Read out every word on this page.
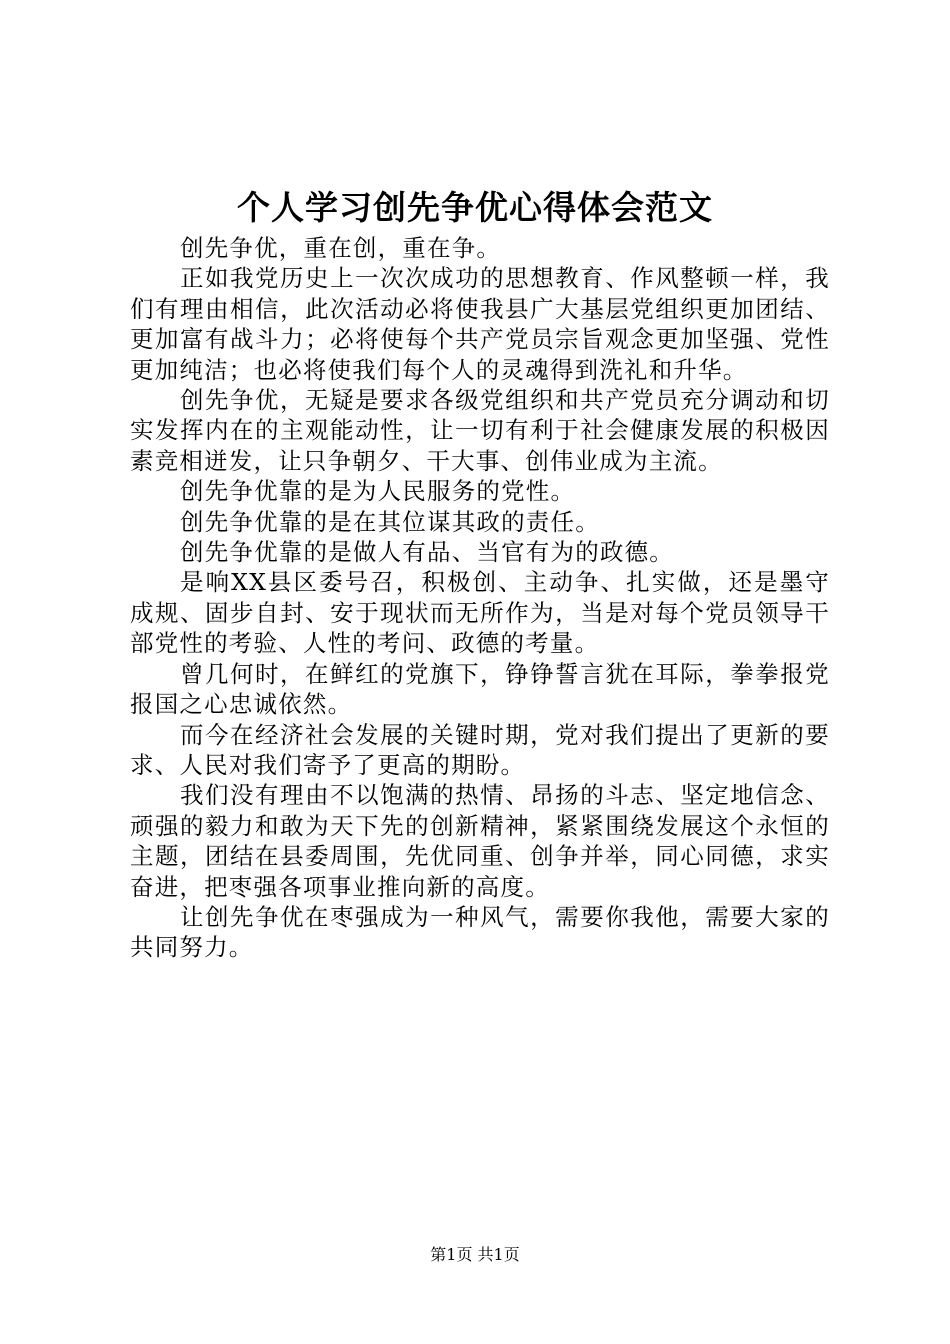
个人学习创先争优心得体会范文

创先争优，重在创，重在争。

正如我党历史上一次次成功的思想教育、作风整顿一样，我们有理由相信，此次活动必将使我县广大基层党组织更加团结、更加富有战斗力；必将使每个共产党员宗旨观念更加坚强、党性更加纯洁；也必将使我们每个人的灵魂得到洗礼和升华。

创先争优，无疑是要求各级党组织和共产党员充分调动和切实发挥内在的主观能动性，让一切有利于社会健康发展的积极因素竞相迸发，让只争朝夕、干大事、创伟业成为主流。

创先争优靠的是为人民服务的党性。

创先争优靠的是在其位谋其政的责任。

创先争优靠的是做人有品、当官有为的政德。

是响XX县区委号召，积极创、主动争、扎实做，还是墨守成规、固步自封、安于现状而无所作为，当是对每个党员领导干部党性的考验、人性的考问、政德的考量。

曾几何时，在鲜红的党旗下，铮铮誓言犹在耳际，拳拳报党报国之心忠诚依然。

而今在经济社会发展的关键时期，党对我们提出了更新的要求、人民对我们寄予了更高的期盼。

我们没有理由不以饱满的热情、昂扬的斗志、坚定地信念、顽强的毅力和敢为天下先的创新精神，紧紧围绕发展这个永恒的主题，团结在县委周围，先优同重、创争并举，同心同德，求实奋进，把枣强各项事业推向新的高度。

让创先争优在枣强成为一种风气，需要你我他，需要大家的共同努力。

第1页 共1页
